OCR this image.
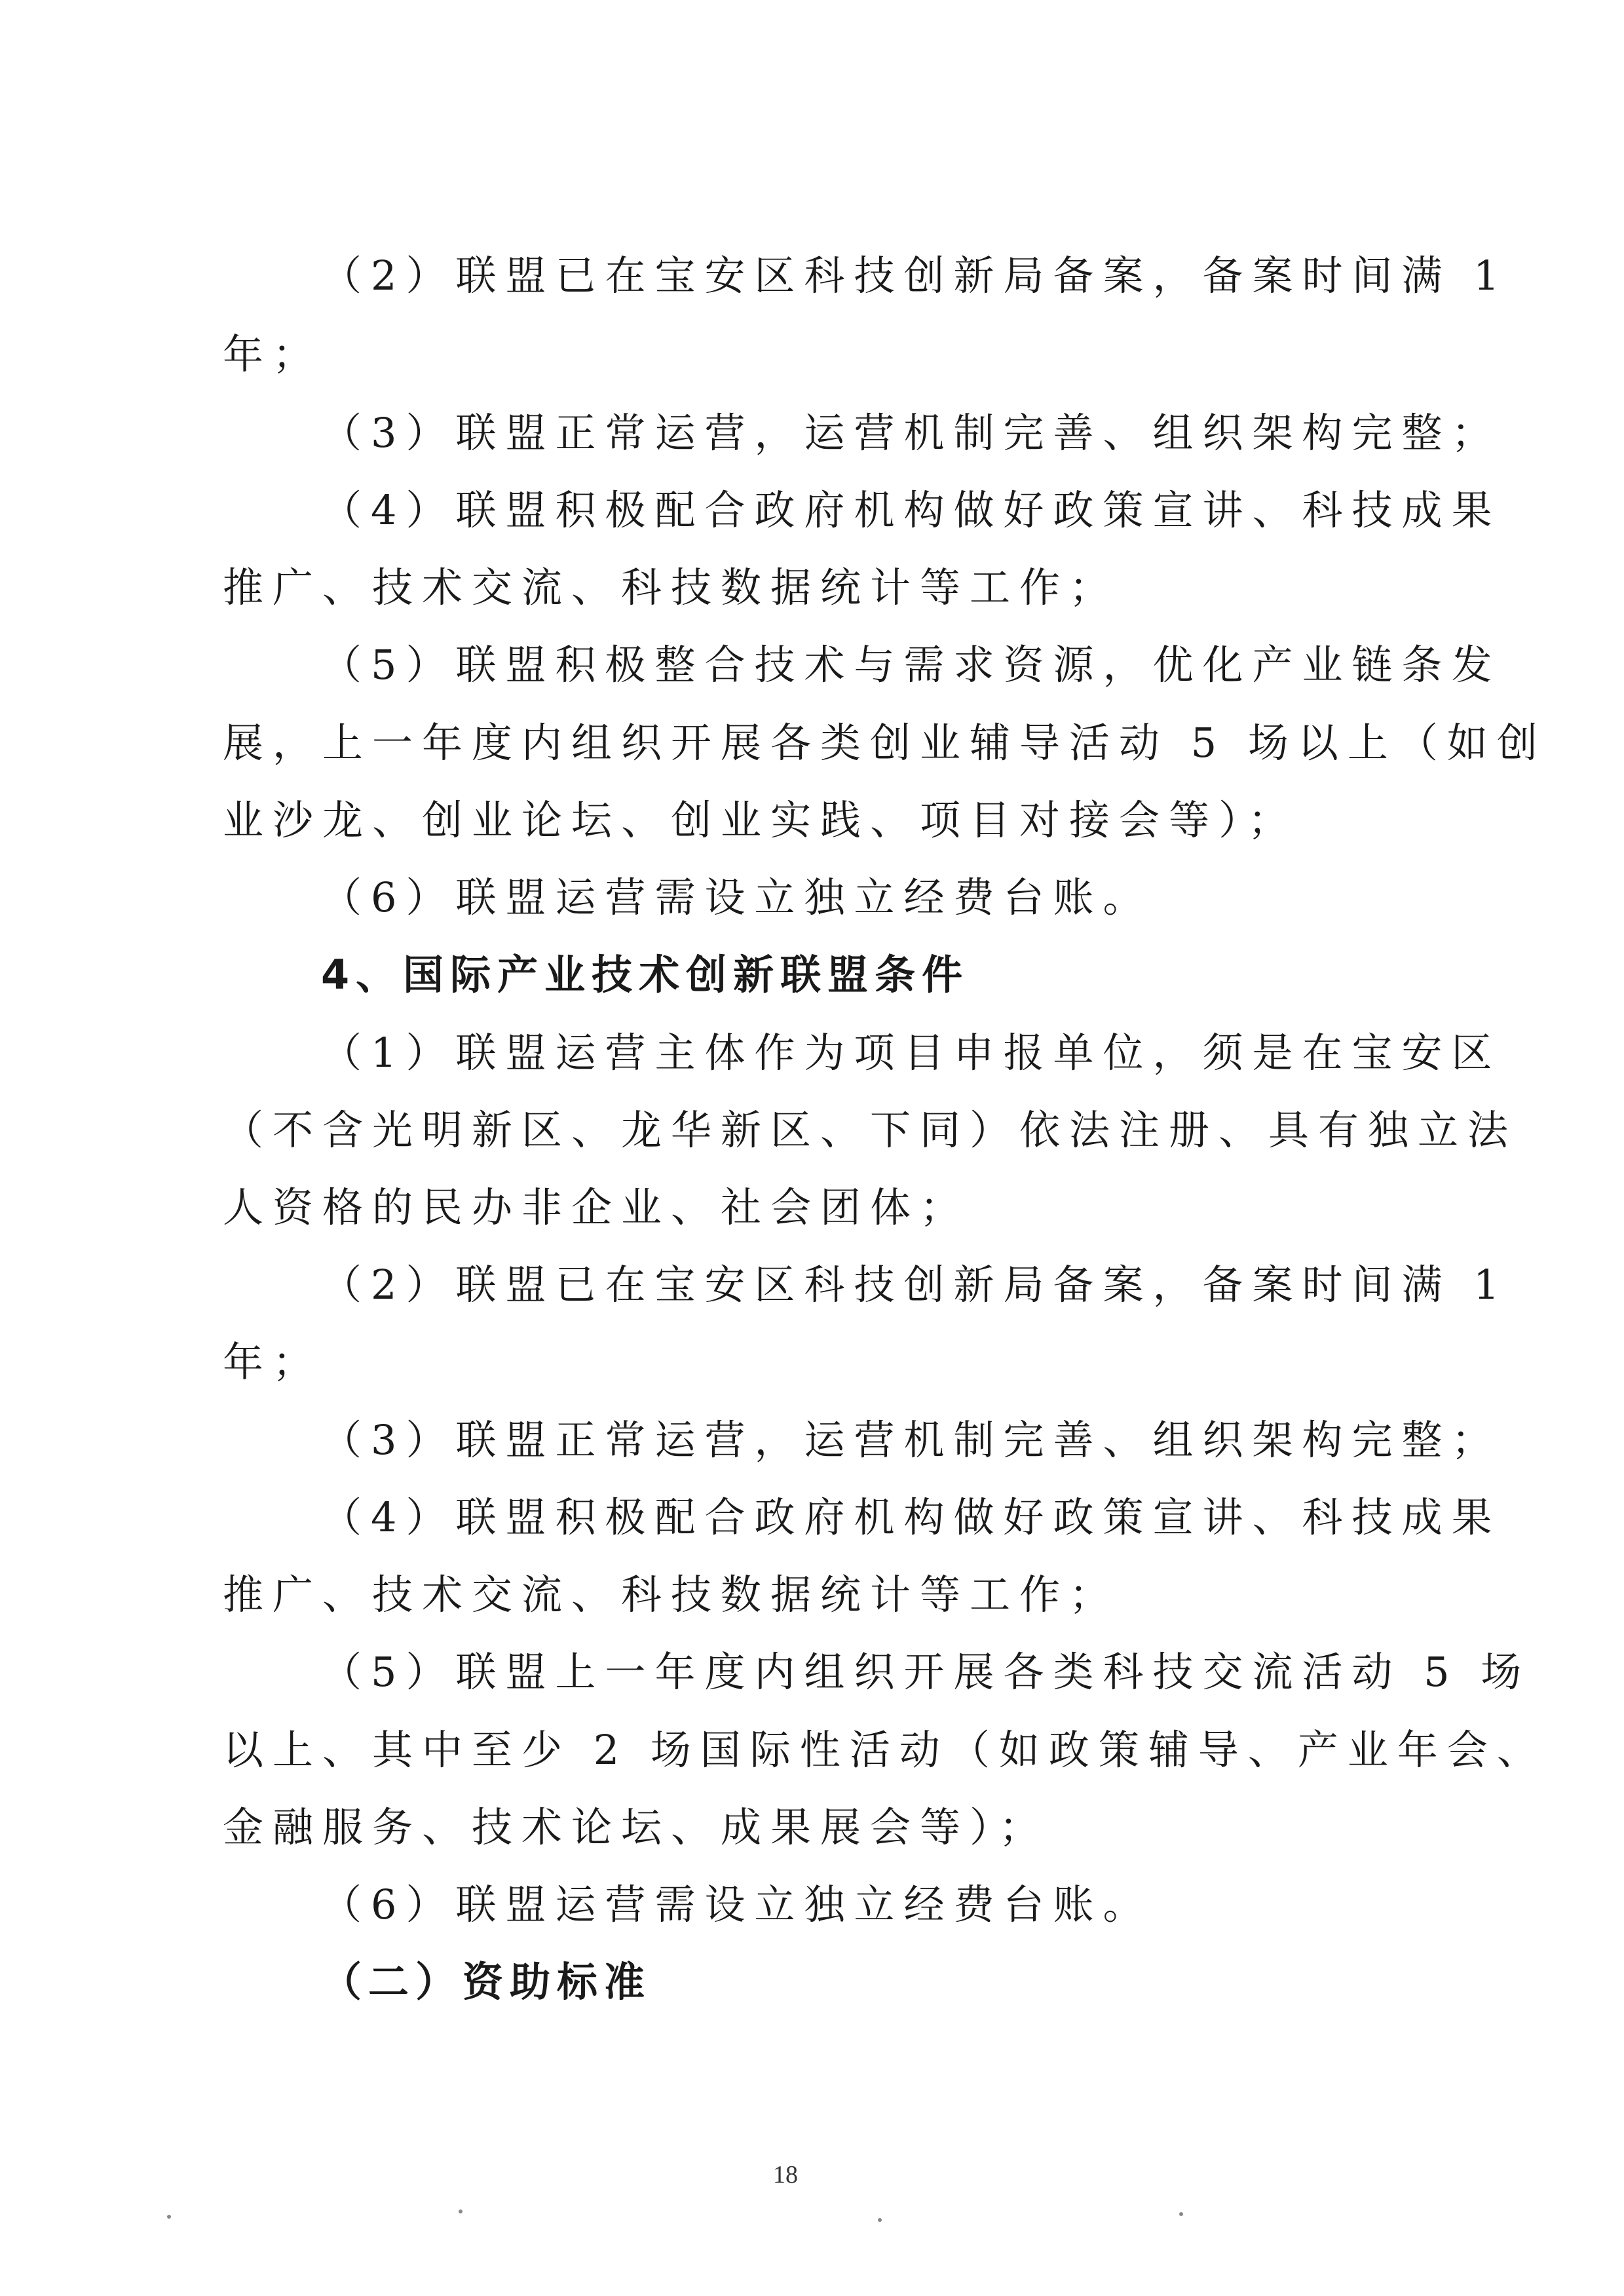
（2）联盟已在宝安区科技创新局备案，备案时间满 1
年；
（3）联盟正常运营，运营机制完善、组织架构完整；
（4）联盟积极配合政府机构做好政策宣讲、科技成果
推广、技术交流、科技数据统计等工作；
（5）联盟积极整合技术与需求资源，优化产业链条发
展，上一年度内组织开展各类创业辅导活动 5 场以上（如创
业沙龙、创业论坛、创业实践、项目对接会等）；
（6）联盟运营需设立独立经费台账。
4、国际产业技术创新联盟条件
（1）联盟运营主体作为项目申报单位，须是在宝安区
（不含光明新区、龙华新区、下同）依法注册、具有独立法
人资格的民办非企业、社会团体；
（2）联盟已在宝安区科技创新局备案，备案时间满 1
年；
（3）联盟正常运营，运营机制完善、组织架构完整；
（4）联盟积极配合政府机构做好政策宣讲、科技成果
推广、技术交流、科技数据统计等工作；
（5）联盟上一年度内组织开展各类科技交流活动 5 场
以上、其中至少 2 场国际性活动（如政策辅导、产业年会、
金融服务、技术论坛、成果展会等）；
（6）联盟运营需设立独立经费台账。
（二）资助标准
18
